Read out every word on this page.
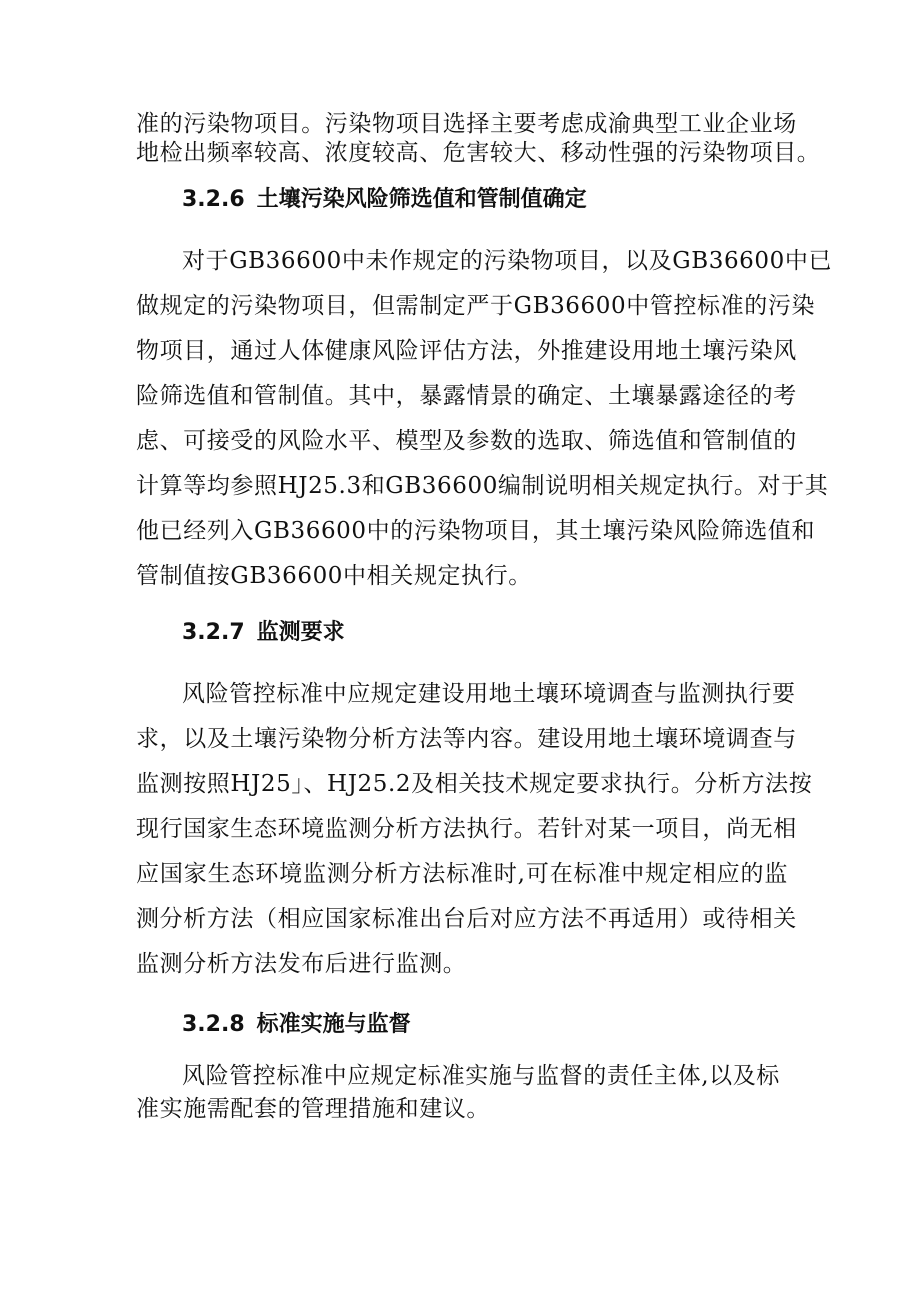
准的污染物项目。污染物项目选择主要考虑成渝典型工业企业场
地检出频率较高、浓度较高、危害较大、移动性强的污染物项目。
3.2.6 土壤污染风险筛选值和管制值确定
对于GB36600中未作规定的污染物项目，以及GB36600中已
做规定的污染物项目，但需制定严于GB36600中管控标准的污染
物项目，通过人体健康风险评估方法，外推建设用地土壤污染风
险筛选值和管制值。其中，暴露情景的确定、土壤暴露途径的考
虑、可接受的风险水平、模型及参数的选取、筛选值和管制值的
计算等均参照HJ25.3和GB36600编制说明相关规定执行。对于其
他已经列入GB36600中的污染物项目，其土壤污染风险筛选值和
管制值按GB36600中相关规定执行。
3.2.7 监测要求
风险管控标准中应规定建设用地土壤环境调查与监测执行要
求，以及土壤污染物分析方法等内容。建设用地土壤环境调查与
监测按照HJ25」、HJ25.2及相关技术规定要求执行。分析方法按
现行国家生态环境监测分析方法执行。若针对某一项目，尚无相
应国家生态环境监测分析方法标准时,可在标准中规定相应的监
测分析方法（相应国家标准出台后对应方法不再适用）或待相关
监测分析方法发布后进行监测。
3.2.8 标准实施与监督
风险管控标准中应规定标准实施与监督的责任主体,以及标
准实施需配套的管理措施和建议。
